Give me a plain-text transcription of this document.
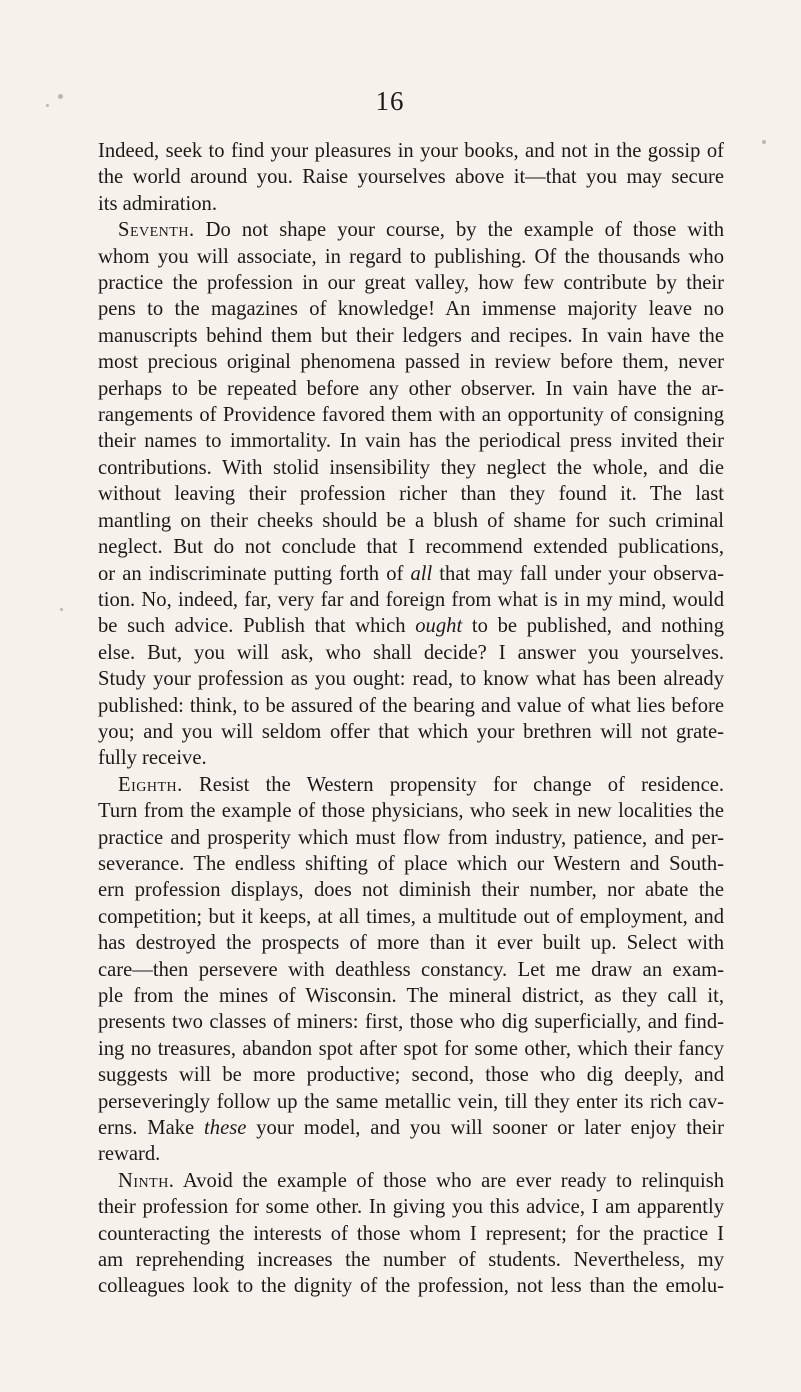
16

Indeed, seek to find your pleasures in your books, and not in the gossip of
the world around you. Raise yourselves above it—that you may secure
its admiration.

Seventh. Do not shape your course, by the example of those with
whom you will associate, in regard to publishing. Of the thousands who
practice the profession in our great valley, how few contribute by their
pens to the magazines of knowledge! An immense majority leave no
manuscripts behind them but their ledgers and recipes. In vain have the
most precious original phenomena passed in review before them, never
perhaps to be repeated before any other observer. In vain have the ar-
rangements of Providence favored them with an opportunity of consigning
their names to immortality. In vain has the periodical press invited their
contributions. With stolid insensibility they neglect the whole, and die
without leaving their profession richer than they found it. The last
mantling on their cheeks should be a blush of shame for such criminal
neglect. But do not conclude that I recommend extended publications,
or an indiscriminate putting forth of all that may fall under your observa-
tion. No, indeed, far, very far and foreign from what is in my mind, would
be such advice. Publish that which ought to be published, and nothing
else. But, you will ask, who shall decide? I answer you yourselves.
Study your profession as you ought: read, to know what has been already
published: think, to be assured of the bearing and value of what lies before
you; and you will seldom offer that which your brethren will not grate-
fully receive.

Eighth. Resist the Western propensity for change of residence.
Turn from the example of those physicians, who seek in new localities the
practice and prosperity which must flow from industry, patience, and per-
severance. The endless shifting of place which our Western and South-
ern profession displays, does not diminish their number, nor abate the
competition; but it keeps, at all times, a multitude out of employment, and
has destroyed the prospects of more than it ever built up. Select with
care—then persevere with deathless constancy. Let me draw an exam-
ple from the mines of Wisconsin. The mineral district, as they call it,
presents two classes of miners: first, those who dig superficially, and find-
ing no treasures, abandon spot after spot for some other, which their fancy
suggests will be more productive; second, those who dig deeply, and
perseveringly follow up the same metallic vein, till they enter its rich cav-
erns. Make these your model, and you will sooner or later enjoy their
reward.

Ninth. Avoid the example of those who are ever ready to relinquish
their profession for some other. In giving you this advice, I am apparently
counteracting the interests of those whom I represent; for the practice I
am reprehending increases the number of students. Nevertheless, my
colleagues look to the dignity of the profession, not less than the emolu-
